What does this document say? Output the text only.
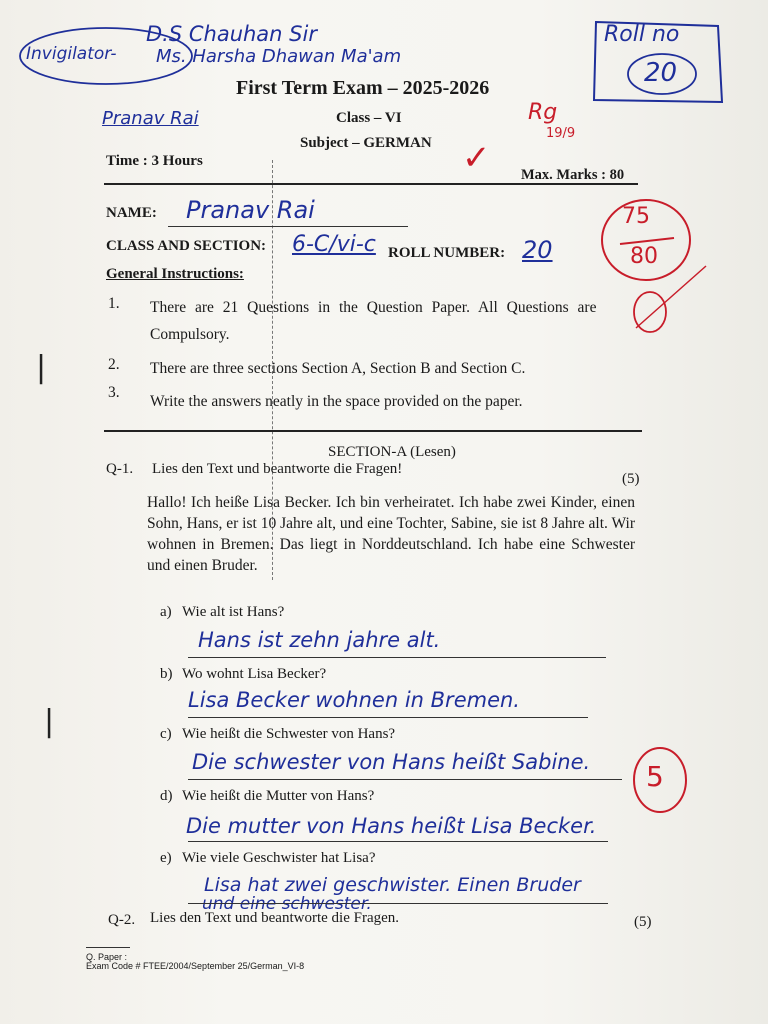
Invigilator-
D.S Chauhan Sir
Ms. Harsha Dhawan Ma'am
Roll no
20
First Term Exam – 2025-2026
Pranav Rai	Class – VI
Subject – GERMAN
Time : 3 Hours
Max. Marks : 80
✓
Rg
19/9
75
80
NAME: Pranav Rai
CLASS AND SECTION: 6-C/vi-c ROLL NUMBER: 20
General Instructions:
1. There are 21 Questions in the Question Paper. All Questions are
Compulsory.
2. There are three sections Section A, Section B and Section C.
3.
Write the answers neatly in the space provided on the paper.
|
|
SECTION-A (Lesen)
Q-1. Lies den Text und beantworte die Fragen!
(5)
Hallo! Ich heiße Lisa Becker. Ich bin verheiratet. Ich habe zwei Kinder, einen Sohn, Hans, er ist 10 Jahre alt, und eine Tochter, Sabine, sie ist 8 Jahre alt. Wir wohnen in Bremen. Das liegt in Norddeutschland. Ich habe eine Schwester und einen Bruder.
a) Wie alt ist Hans?
Hans ist zehn jahre alt.
b) Wo wohnt Lisa Becker?
Lisa Becker wohnen in Bremen.
c) Wie heißt die Schwester von Hans?
Die schwester von Hans heißt Sabine. 5
d) Wie heißt die Mutter von Hans?
Die mutter von Hans heißt Lisa Becker.
e) Wie viele Geschwister hat Lisa?
Lisa hat zwei geschwister. Einen Bruder
und eine schwester.
Q-2. Lies den Text und beantworte die Fragen.	(5)
Q. Paper :
Exam Code # FTEE/2004/September 25/German_VI-8
